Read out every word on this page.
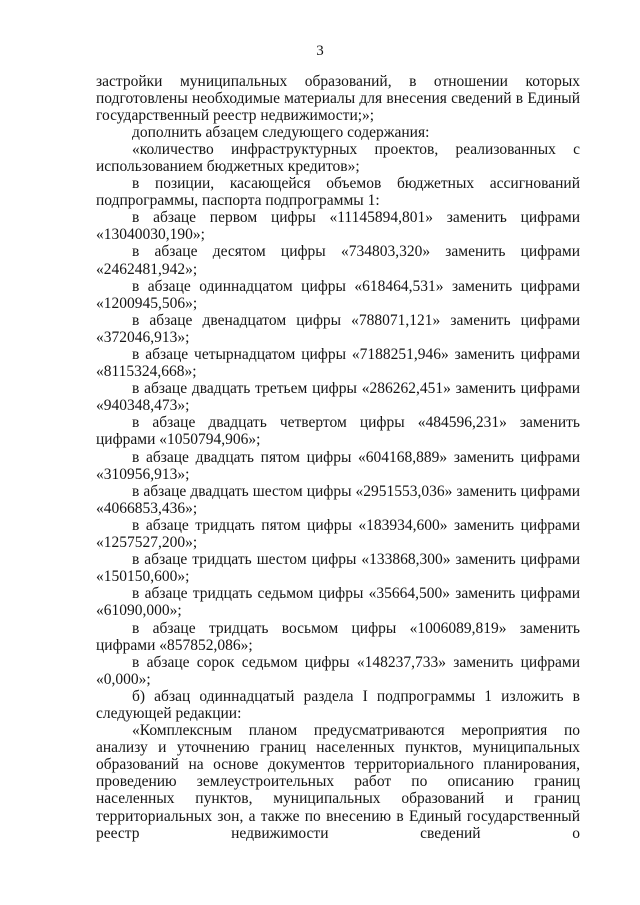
3

застройки муниципальных образований, в отношении которых подготовлены необходимые материалы для внесения сведений в Единый государственный реестр недвижимости;»;

дополнить абзацем следующего содержания:

«количество инфраструктурных проектов, реализованных с использованием бюджетных кредитов»;

в позиции, касающейся объемов бюджетных ассигнований подпрограммы, паспорта подпрограммы 1:

в абзаце первом цифры «11145894,801» заменить цифрами «13040030,190»;

в абзаце десятом цифры «734803,320» заменить цифрами «2462481,942»;

в абзаце одиннадцатом цифры «618464,531» заменить цифрами «1200945,506»;

в абзаце двенадцатом цифры «788071,121» заменить цифрами «372046,913»;

в абзаце четырнадцатом цифры «7188251,946» заменить цифрами «8115324,668»;

в абзаце двадцать третьем цифры «286262,451» заменить цифрами «940348,473»;

в абзаце двадцать четвертом цифры «484596,231» заменить цифрами «1050794,906»;

в абзаце двадцать пятом цифры «604168,889» заменить цифрами «310956,913»;

в абзаце двадцать шестом цифры «2951553,036» заменить цифрами «4066853,436»;

в абзаце тридцать пятом цифры «183934,600» заменить цифрами «1257527,200»;

в абзаце тридцать шестом цифры «133868,300» заменить цифрами «150150,600»;

в абзаце тридцать седьмом цифры «35664,500» заменить цифрами «61090,000»;

в абзаце тридцать восьмом цифры «1006089,819» заменить цифрами «857852,086»;

в абзаце сорок седьмом цифры «148237,733» заменить цифрами «0,000»;

б) абзац одиннадцатый раздела I подпрограммы 1 изложить в следующей редакции:

«Комплексным планом предусматриваются мероприятия по анализу и уточнению границ населенных пунктов, муниципальных образований на основе документов территориального планирования, проведению землеустроительных работ по описанию границ населенных пунктов, муниципальных образований и границ территориальных зон, а также по внесению в Единый государственный реестр недвижимости сведений о
